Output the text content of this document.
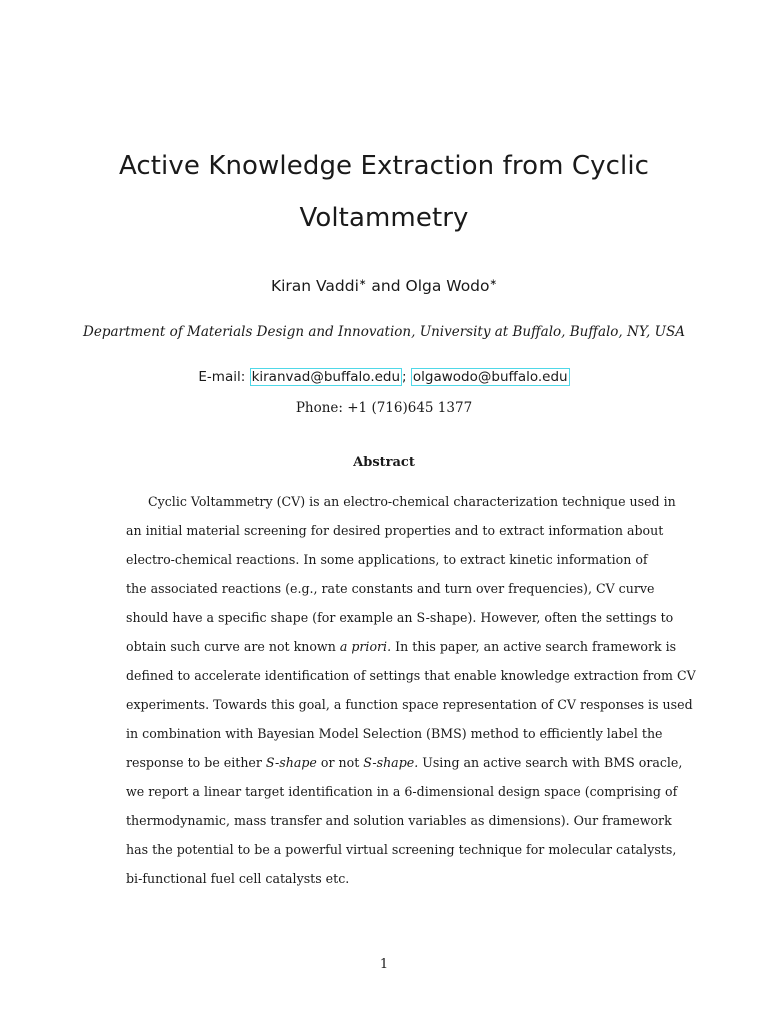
Active Knowledge Extraction from Cyclic
Voltammetry
Kiran Vaddi∗ and Olga Wodo∗
Department of Materials Design and Innovation, University at Buffalo, Buffalo, NY, USA
E-mail: kiranvad@buffalo.edu ; olgawodo@buffalo.edu
Phone: +1 (716)645 1377
Abstract
Cyclic Voltammetry (CV) is an electro-chemical characterization technique used in
an initial material screening for desired properties and to extract information about
electro-chemical reactions. In some applications, to extract kinetic information of
the associated reactions (e.g., rate constants and turn over frequencies), CV curve
should have a specific shape (for example an S-shape). However, often the settings to
obtain such curve are not known a priori. In this paper, an active search framework is
defined to accelerate identification of settings that enable knowledge extraction from CV
experiments. Towards this goal, a function space representation of CV responses is used
in combination with Bayesian Model Selection (BMS) method to efficiently label the
response to be either S-shape or not S-shape. Using an active search with BMS oracle,
we report a linear target identification in a 6-dimensional design space (comprising of
thermodynamic, mass transfer and solution variables as dimensions). Our framework
has the potential to be a powerful virtual screening technique for molecular catalysts,
bi-functional fuel cell catalysts etc.
1
